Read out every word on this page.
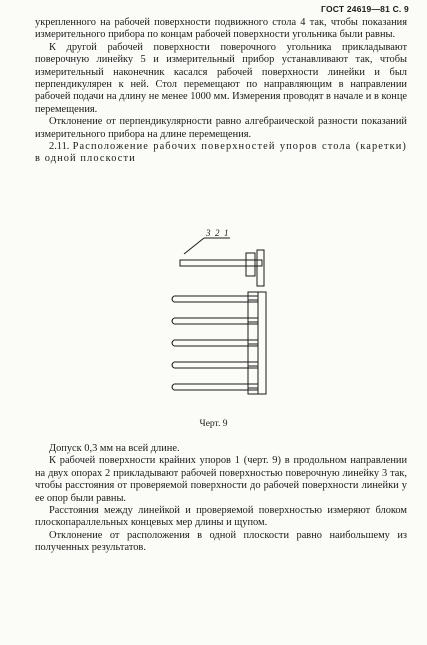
ГОСТ 24619—81 С. 9

укрепленного на рабочей поверхности подвижного стола 4 так, чтобы показания измерительного прибора по концам рабочей поверхности угольника были равны.

К другой рабочей поверхности поверочного угольника прикладывают поверочную линейку 5 и измерительный прибор устанавливают так, чтобы измерительный наконечник касался рабочей поверхности линейки и был перпендикулярен к ней. Стол перемещают по направляющим в направлении рабочей подачи на длину не менее 1000 мм. Измерения проводят в начале и в конце перемещения.

Отклонение от перпендикулярности равно алгебраической разности показаний измерительного прибора на длине перемещения.

2.11. Расположение рабочих поверхностей упоров стола (каретки) в одной плоскости

3 2 1
Черт. 9

Допуск 0,3 мм на всей длине.

К рабочей поверхности крайних упоров 1 (черт. 9) в продольном направлении на двух опорах 2 прикладывают рабочей поверхностью поверочную линейку 3 так, чтобы расстояния от проверяемой поверхности до рабочей поверхности линейки у ее опор были равны.

Расстояния между линейкой и проверяемой поверхностью измеряют блоком плоскопараллельных концевых мер длины и щупом.

Отклонение от расположения в одной плоскости равно наибольшему из полученных результатов.
